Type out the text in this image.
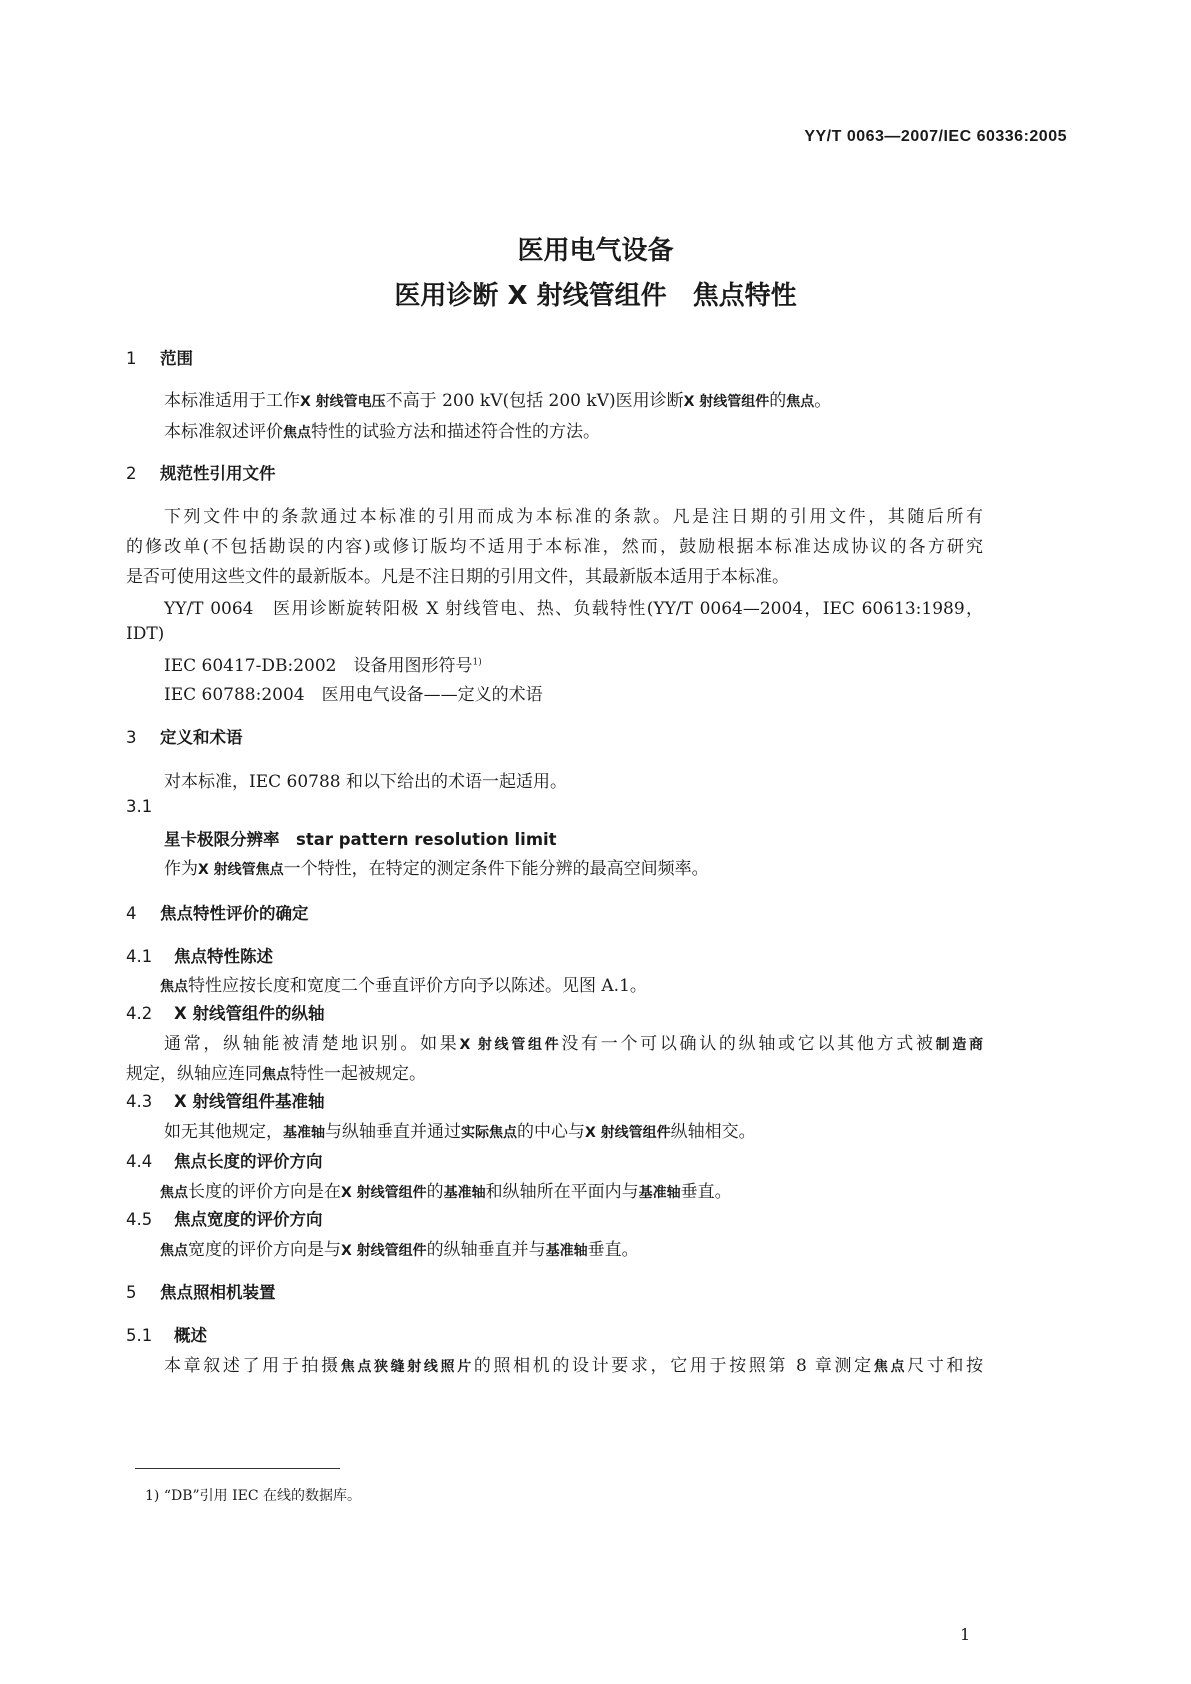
YY/T 0063—2007/IEC 60336:2005
医用电气设备
医用诊断 X 射线管组件　焦点特性
1 范围
本标准适用于工作X 射线管电压不高于 200 kV(包括 200 kV)医用诊断X 射线管组件的焦点。
本标准叙述评价焦点特性的试验方法和描述符合性的方法。
2 规范性引用文件
下列文件中的条款通过本标准的引用而成为本标准的条款。凡是注日期的引用文件，其随后所有
的修改单(不包括勘误的内容)或修订版均不适用于本标准，然而，鼓励根据本标准达成协议的各方研究
是否可使用这些文件的最新版本。凡是不注日期的引用文件，其最新版本适用于本标准。
YY/T 0064　医用诊断旋转阳极 X 射线管电、热、负载特性(YY/T 0064—2004，IEC 60613:1989，
IDT)
IEC 60417-DB:2002　设备用图形符号$^{1)}$
IEC 60788:2004　医用电气设备——定义的术语
3 定义和术语
对本标准，IEC 60788 和以下给出的术语一起适用。
3.1
星卡极限分辨率　star pattern resolution limit
作为X 射线管焦点一个特性，在特定的测定条件下能分辨的最高空间频率。
4 焦点特性评价的确定
4.1 焦点特性陈述
焦点特性应按长度和宽度二个垂直评价方向予以陈述。见图 A.1。
4.2 X 射线管组件的纵轴
通常，纵轴能被清楚地识别。如果X 射线管组件没有一个可以确认的纵轴或它以其他方式被制造商
规定，纵轴应连同焦点特性一起被规定。
4.3 X 射线管组件基准轴
如无其他规定，基准轴与纵轴垂直并通过实际焦点的中心与X 射线管组件纵轴相交。
4.4 焦点长度的评价方向
焦点长度的评价方向是在X 射线管组件的基准轴和纵轴所在平面内与基准轴垂直。
4.5 焦点宽度的评价方向
焦点宽度的评价方向是与X 射线管组件的纵轴垂直并与基准轴垂直。
5 焦点照相机装置
5.1 概述
本章叙述了用于拍摄焦点狭缝射线照片的照相机的设计要求，它用于按照第 8 章测定焦点尺寸和按
1) “DB”引用 IEC 在线的数据库。
1
